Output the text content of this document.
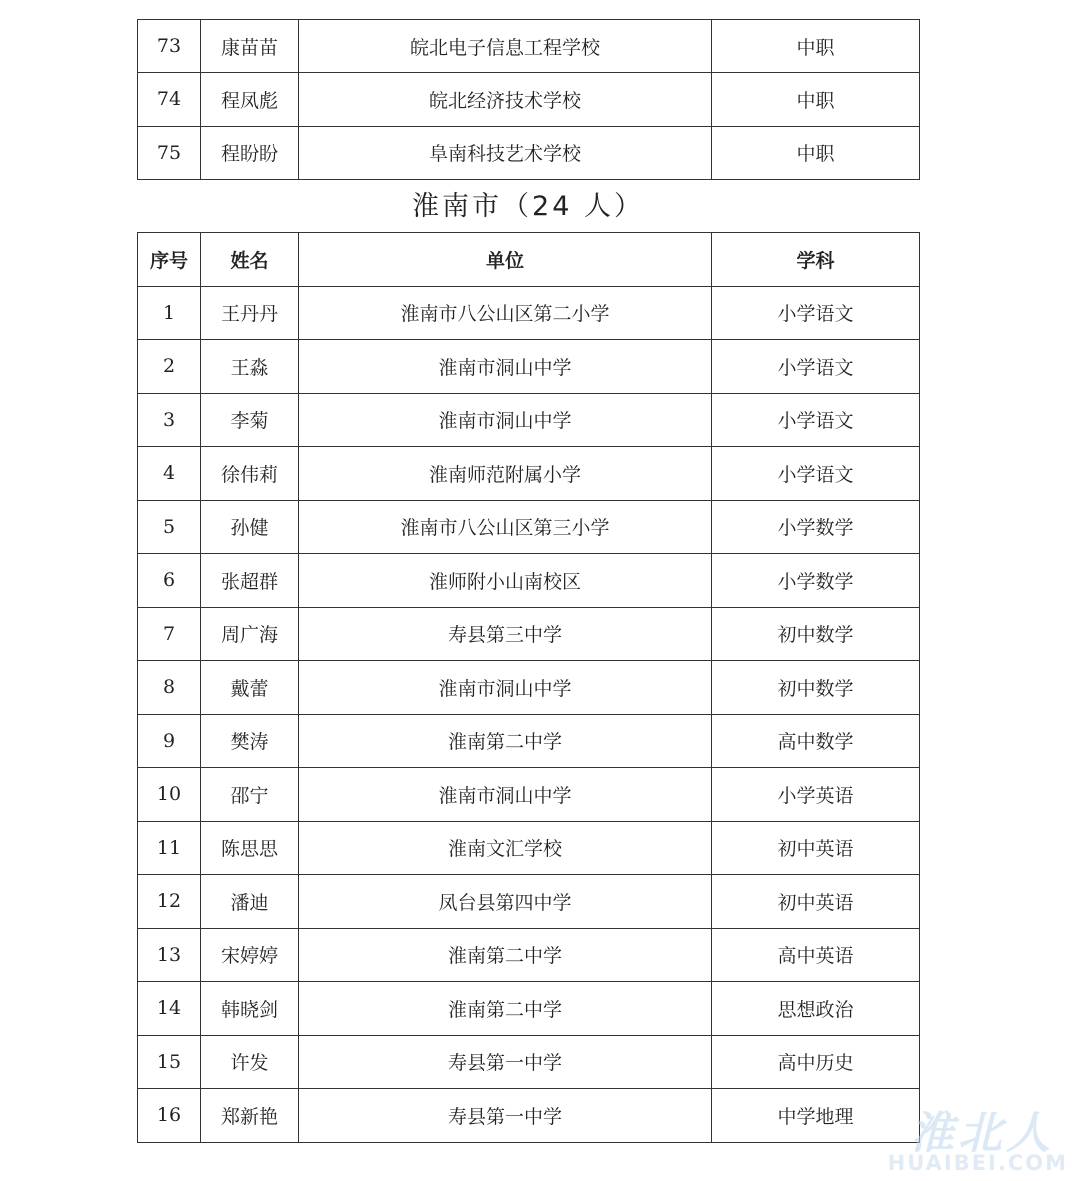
73	康苗苗	皖北电子信息工程学校	中职
74	程凤彪	皖北经济技术学校	中职
75	程盼盼	阜南科技艺术学校	中职
淮南市（24 人）
序号	姓名	单位	学科
1	王丹丹	淮南市八公山区第二小学	小学语文
2	王淼	淮南市洞山中学	小学语文
3	李菊	淮南市洞山中学	小学语文
4	徐伟莉	淮南师范附属小学	小学语文
5	孙健	淮南市八公山区第三小学	小学数学
6	张超群	淮师附小山南校区	小学数学
7	周广海	寿县第三中学	初中数学
8	戴蕾	淮南市洞山中学	初中数学
9	樊涛	淮南第二中学	高中数学
10	邵宁	淮南市洞山中学	小学英语
11	陈思思	淮南文汇学校	初中英语
12	潘迪	凤台县第四中学	初中英语
13	宋婷婷	淮南第二中学	高中英语
14	韩晓剑	淮南第二中学	思想政治
15	许发	寿县第一中学	高中历史
16	郑新艳	寿县第一中学	中学地理 淮北人
HUAIBEI.COM
